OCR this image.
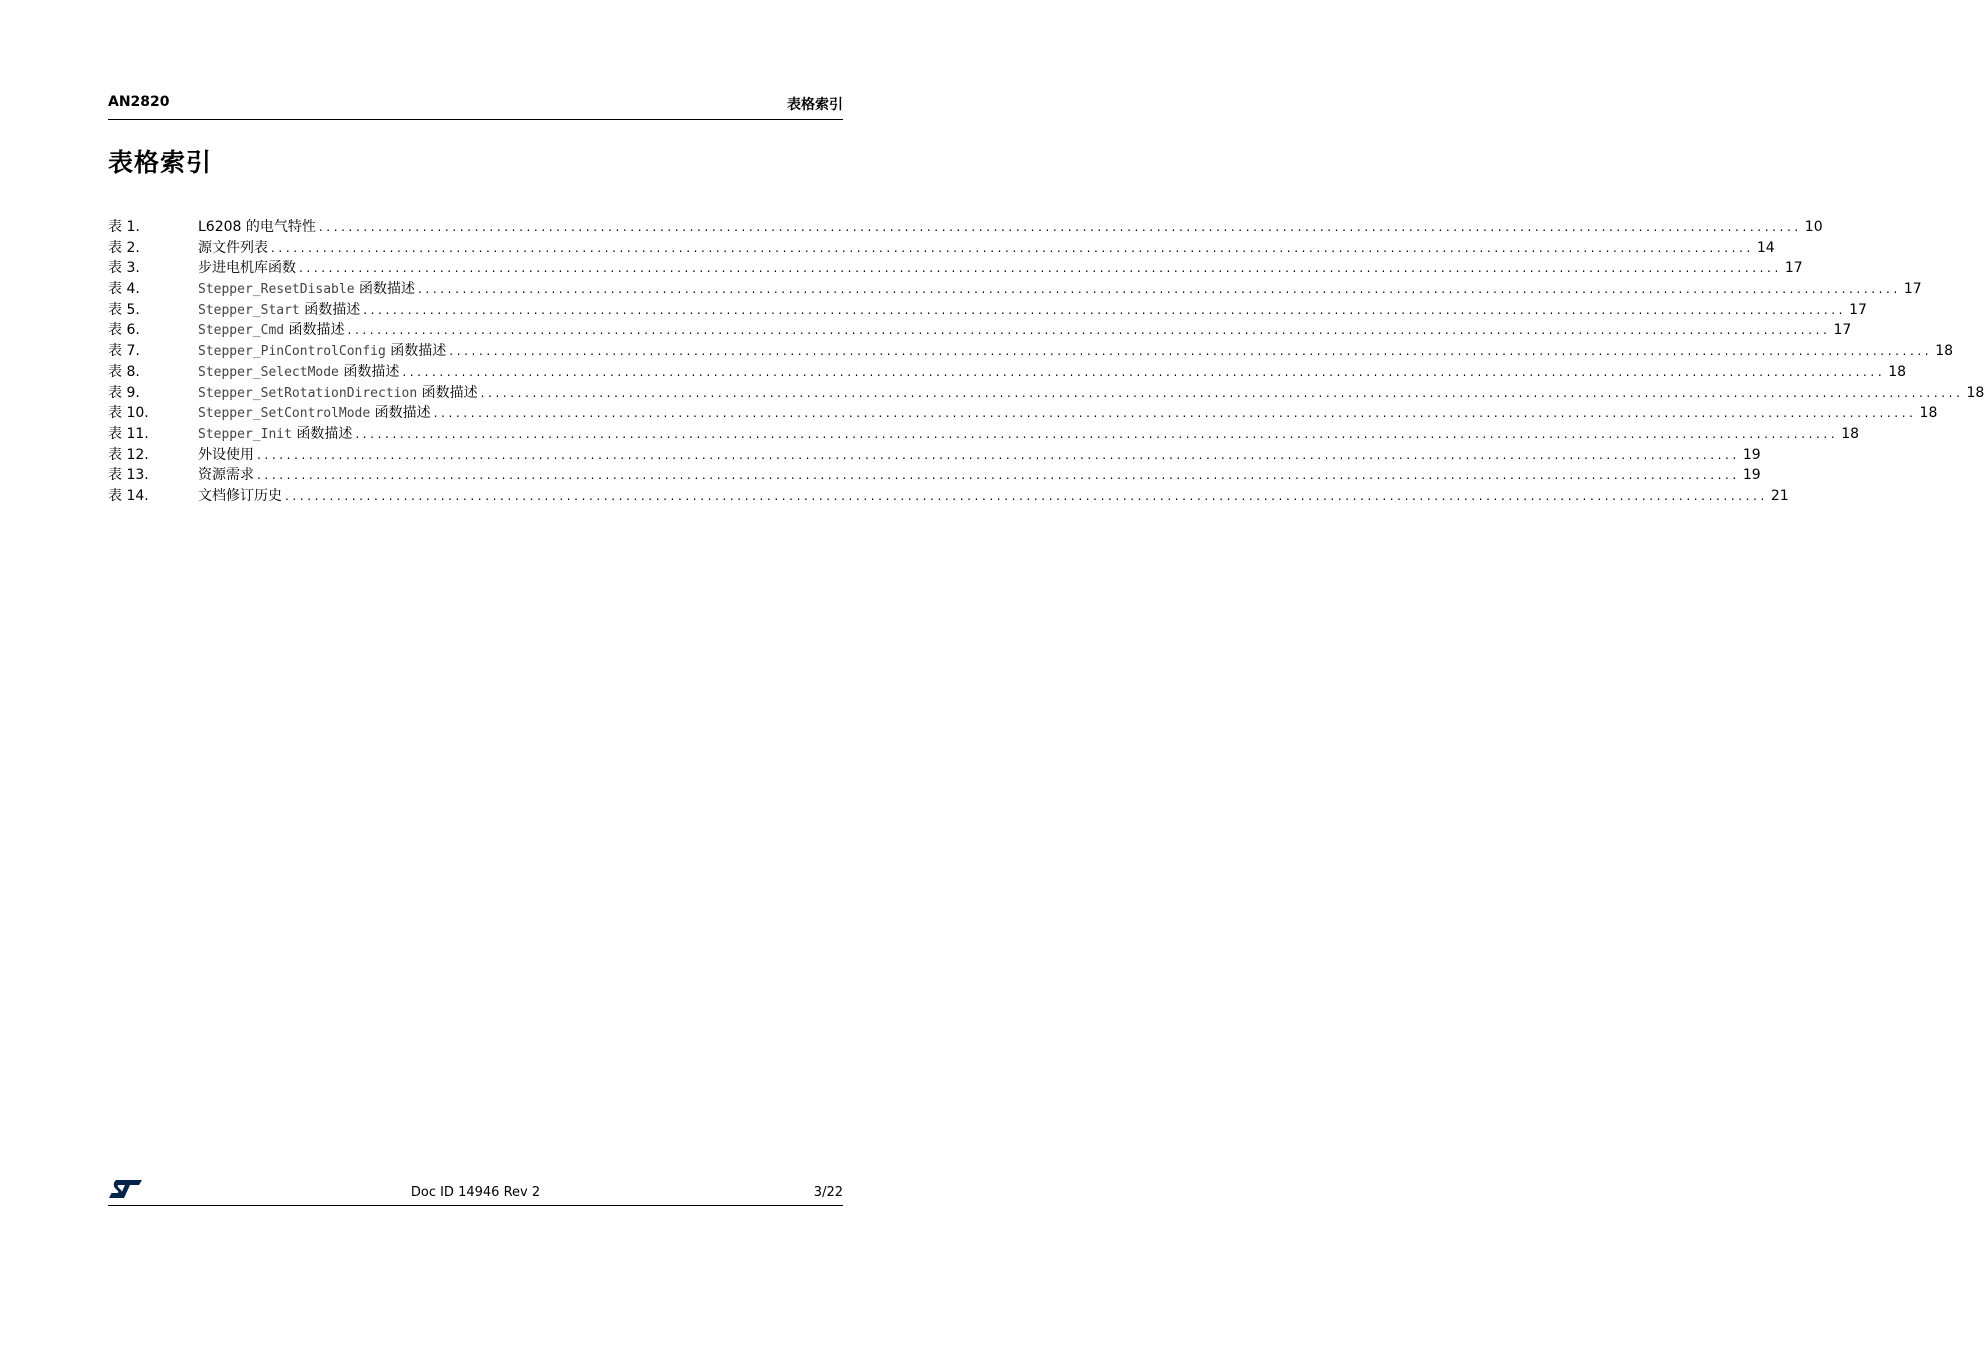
AN2820	表格索引
表格索引
表 1.	L6208 的电气特性 ........................................................................................................................................................................................................ 10
表 2.	源文件列表 ........................................................................................................................................................................................................ 14
表 3.	步进电机库函数 ........................................................................................................................................................................................................ 17
表 4.	Stepper_ResetDisable 函数描述 ........................................................................................................................................................................................................ 17
表 5.	Stepper_Start 函数描述 ........................................................................................................................................................................................................ 17
表 6.	Stepper_Cmd 函数描述 ........................................................................................................................................................................................................ 17
表 7.	Stepper_PinControlConfig 函数描述 ........................................................................................................................................................................................................ 18
表 8.	Stepper_SelectMode 函数描述 ........................................................................................................................................................................................................ 18
表 9.	Stepper_SetRotationDirection 函数描述 ........................................................................................................................................................................................................ 18
表 10.	Stepper_SetControlMode 函数描述 ........................................................................................................................................................................................................ 18
表 11.	Stepper_Init 函数描述 ........................................................................................................................................................................................................ 18
表 12.	外设使用 ........................................................................................................................................................................................................ 19
表 13.	资源需求 ........................................................................................................................................................................................................ 19
表 14.	文档修订历史 ........................................................................................................................................................................................................ 21
Doc ID 14946 Rev 2	3/22
